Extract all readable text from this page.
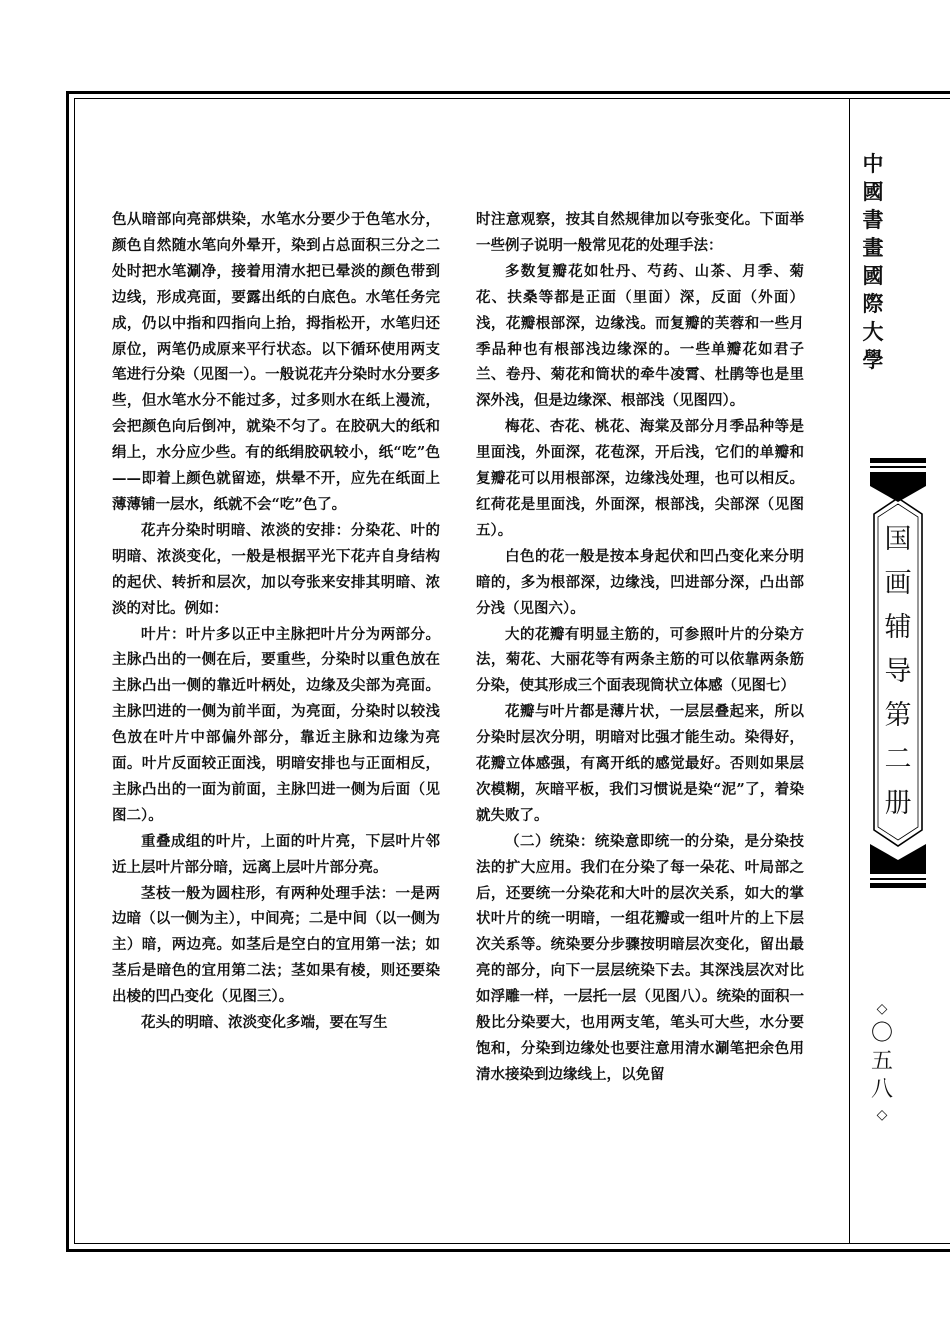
色从暗部向亮部烘染，水笔水分要少于色笔水分，颜色自然随水笔向外晕开，染到占总面积三分之二处时把水笔涮净，接着用清水把已晕淡的颜色带到边线，形成亮面，要露出纸的白底色。水笔任务完成，仍以中指和四指向上抬，拇指松开，水笔归还原位，两笔仍成原来平行状态。以下循环使用两支笔进行分染（见图一）。一般说花卉分染时水分要多些，但水笔水分不能过多，过多则水在纸上漫流，会把颜色向后倒冲，就染不匀了。在胶矾大的纸和绢上，水分应少些。有的纸绢胶矾较小，纸“吃”色——即着上颜色就留迹，烘晕不开，应先在纸面上薄薄铺一层水，纸就不会“吃”色了。

花卉分染时明暗、浓淡的安排：分染花、叶的明暗、浓淡变化，一般是根据平光下花卉自身结构的起伏、转折和层次，加以夸张来安排其明暗、浓淡的对比。例如：

叶片：叶片多以正中主脉把叶片分为两部分。主脉凸出的一侧在后，要重些，分染时以重色放在主脉凸出一侧的靠近叶柄处，边缘及尖部为亮面。主脉凹进的一侧为前半面，为亮面，分染时以较浅色放在叶片中部偏外部分，靠近主脉和边缘为亮面。叶片反面较正面浅，明暗安排也与正面相反，主脉凸出的一面为前面，主脉凹进一侧为后面（见图二）。

重叠成组的叶片，上面的叶片亮，下层叶片邻近上层叶片部分暗，远离上层叶片部分亮。

茎枝一般为圆柱形，有两种处理手法：一是两边暗（以一侧为主），中间亮；二是中间（以一侧为主）暗，两边亮。如茎后是空白的宜用第一法；如茎后是暗色的宜用第二法；茎如果有棱，则还要染出棱的凹凸变化（见图三）。

花头的明暗、浓淡变化多端，要在写生

时注意观察，按其自然规律加以夸张变化。下面举一些例子说明一般常见花的处理手法：

多数复瓣花如牡丹、芍药、山茶、月季、菊花、扶桑等都是正面（里面）深，反面（外面）浅，花瓣根部深，边缘浅。而复瓣的芙蓉和一些月季品种也有根部浅边缘深的。一些单瓣花如君子兰、卷丹、菊花和筒状的牵牛凌霄、杜鹃等也是里深外浅，但是边缘深、根部浅（见图四）。

梅花、杏花、桃花、海棠及部分月季品种等是里面浅，外面深，花苞深，开后浅，它们的单瓣和复瓣花可以用根部深，边缘浅处理，也可以相反。红荷花是里面浅，外面深，根部浅，尖部深（见图五）。

白色的花一般是按本身起伏和凹凸变化来分明暗的，多为根部深，边缘浅，凹进部分深，凸出部分浅（见图六）。

大的花瓣有明显主筋的，可参照叶片的分染方法，菊花、大丽花等有两条主筋的可以依靠两条筋分染，使其形成三个面表现筒状立体感（见图七）

花瓣与叶片都是薄片状，一层层叠起来，所以分染时层次分明，明暗对比强才能生动。染得好，花瓣立体感强，有离开纸的感觉最好。否则如果层次模糊，灰暗平板，我们习惯说是染“泥”了，着染就失败了。

（二）统染：统染意即统一的分染，是分染技法的扩大应用。我们在分染了每一朵花、叶局部之后，还要统一分染花和大叶的层次关系，如大的掌状叶片的统一明暗，一组花瓣或一组叶片的上下层次关系等。统染要分步骤按明暗层次变化，留出最亮的部分，向下一层层统染下去。其深浅层次对比如浮雕一样，一层托一层（见图八）。统染的面积一般比分染要大，也用两支笔，笔头可大些，水分要饱和，分染到边缘处也要注意用清水涮笔把余色用清水接染到边缘线上，以免留

中
國
書
畫
國
際
大
學
国
画
辅
导
第
二
册
◇
〇
五
八
◇
